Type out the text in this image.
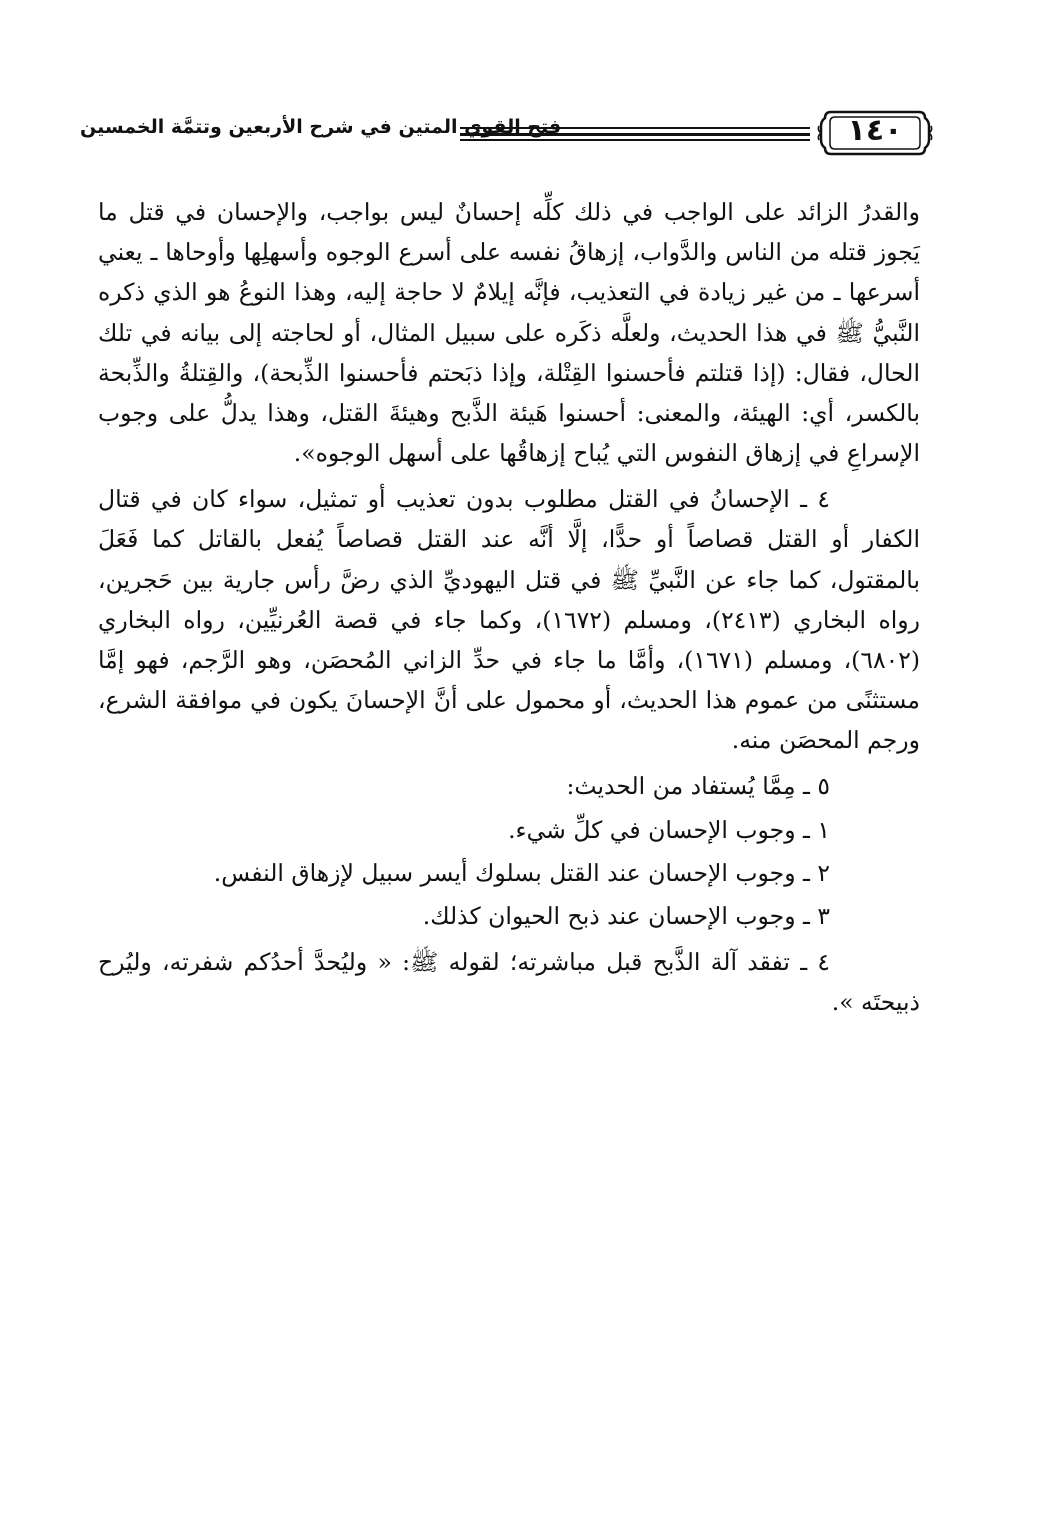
فتح القوي المتين في شرح الأربعين وتتمَّة الخمسين	١٤٠

والقدرُ الزائد على الواجب في ذلك كلِّه إحسانٌ ليس بواجب، والإحسان في قتل ما يَجوز قتله من الناس والدَّواب، إزهاقُ نفسه على أسرع الوجوه وأسهلِها وأوحاها ـ يعني أسرعها ـ من غير زيادة في التعذيب، فإنَّه إيلامٌ لا حاجة إليه، وهذا النوعُ هو الذي ذكره النَّبيُّ ﷺ في هذا الحديث، ولعلَّه ذكَره على سبيل المثال، أو لحاجته إلى بيانه في تلك الحال، فقال: (إذا قتلتم فأحسنوا القِتْلة، وإذا ذبَحتم فأحسنوا الذِّبحة)، والقِتلةُ والذِّبحة بالكسر، أي: الهيئة، والمعنى: أحسنوا هَيئة الذَّبح وهيئةَ القتل، وهذا يدلُّ على وجوب الإسراعِ في إزهاق النفوس التي يُباح إزهاقُها على أسهل الوجوه».

٤ ـ الإحسانُ في القتل مطلوب بدون تعذيب أو تمثيل، سواء كان في قتال الكفار أو القتل قصاصاً أو حدًّا، إلَّا أنَّه عند القتل قصاصاً يُفعل بالقاتل كما فَعَلَ بالمقتول، كما جاء عن النَّبيِّ ﷺ في قتل اليهوديِّ الذي رضَّ رأس جارية بين حَجرين، رواه البخاري (٢٤١٣)، ومسلم (١٦٧٢)، وكما جاء في قصة العُرنيِّين، رواه البخاري (٦٨٠٢)، ومسلم (١٦٧١)، وأمَّا ما جاء في حدِّ الزاني المُحصَن، وهو الرَّجم، فهو إمَّا مستثنًى من عموم هذا الحديث، أو محمول على أنَّ الإحسانَ يكون في موافقة الشرع، ورجم المحصَن منه.

٥ ـ مِمَّا يُستفاد من الحديث:

١ ـ وجوب الإحسان في كلِّ شيء.

٢ ـ وجوب الإحسان عند القتل بسلوك أيسر سبيل لإزهاق النفس.

٣ ـ وجوب الإحسان عند ذبح الحيوان كذلك.

٤ ـ تفقد آلة الذَّبح قبل مباشرته؛ لقوله ﷺ: « وليُحدَّ أحدُكم شفرته، وليُرح ذبيحتَه ».
